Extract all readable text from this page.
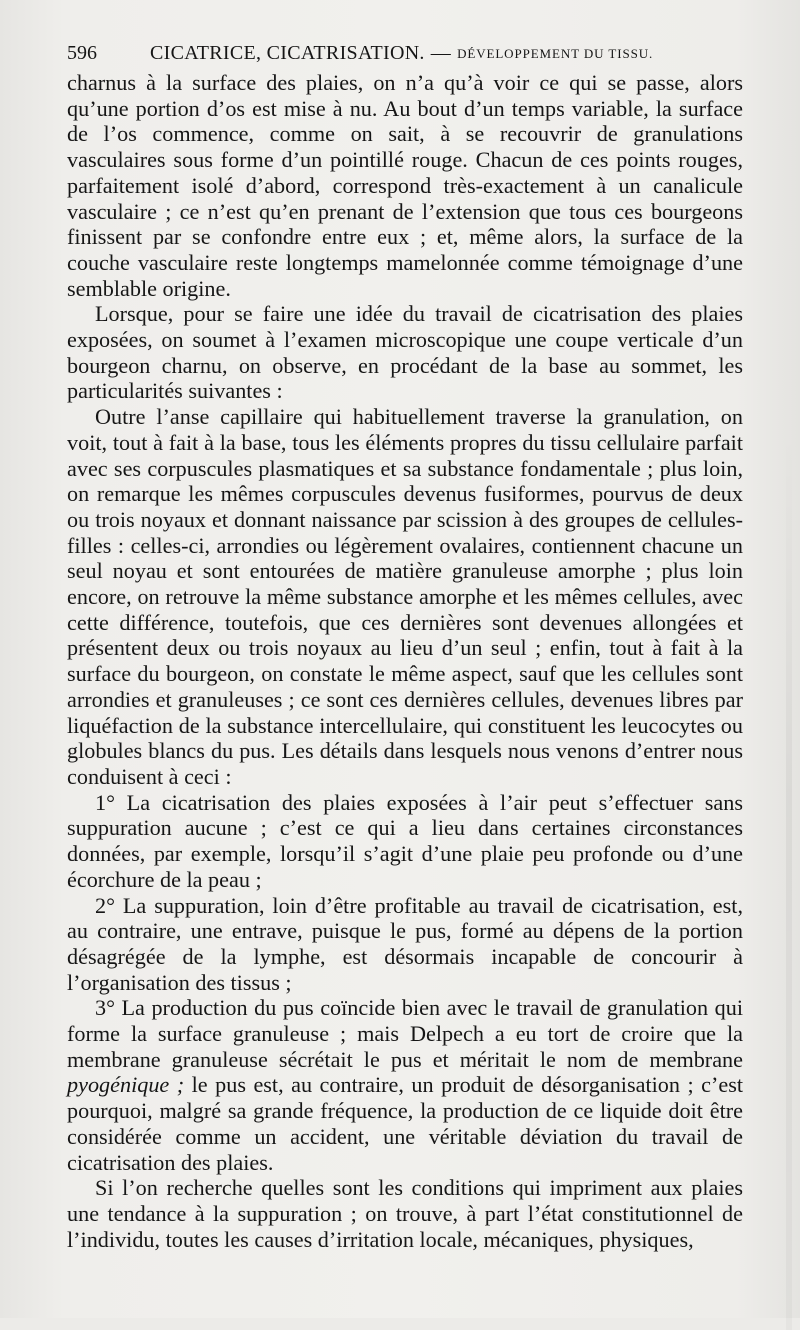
596	CICATRICE, CICATRISATION. — DÉVELOPPEMENT DU TISSU.

charnus à la surface des plaies, on n’a qu’à voir ce qui se passe, alors qu’une portion d’os est mise à nu. Au bout d’un temps variable, la surface de l’os commence, comme on sait, à se recouvrir de granulations vasculaires sous forme d’un pointillé rouge. Chacun de ces points rouges, parfaitement isolé d’abord, correspond très-exactement à un canalicule vasculaire ; ce n’est qu’en prenant de l’extension que tous ces bourgeons finissent par se confondre entre eux ; et, même alors, la surface de la couche vasculaire reste longtemps mamelonnée comme témoignage d’une semblable origine.

Lorsque, pour se faire une idée du travail de cicatrisation des plaies exposées, on soumet à l’examen microscopique une coupe verticale d’un bourgeon charnu, on observe, en procédant de la base au sommet, les particularités suivantes :

Outre l’anse capillaire qui habituellement traverse la granulation, on voit, tout à fait à la base, tous les éléments propres du tissu cellulaire parfait avec ses corpuscules plasmatiques et sa substance fondamentale ; plus loin, on remarque les mêmes corpuscules devenus fusiformes, pourvus de deux ou trois noyaux et donnant naissance par scission à des groupes de cellules-filles : celles-ci, arrondies ou légèrement ovalaires, contiennent chacune un seul noyau et sont entourées de matière granuleuse amorphe ; plus loin encore, on retrouve la même substance amorphe et les mêmes cellules, avec cette différence, toutefois, que ces dernières sont devenues allongées et présentent deux ou trois noyaux au lieu d’un seul ; enfin, tout à fait à la surface du bourgeon, on constate le même aspect, sauf que les cellules sont arrondies et granuleuses ; ce sont ces dernières cellules, devenues libres par liquéfaction de la substance intercellulaire, qui constituent les leucocytes ou globules blancs du pus. Les détails dans lesquels nous venons d’entrer nous conduisent à ceci :

1° La cicatrisation des plaies exposées à l’air peut s’effectuer sans suppuration aucune ; c’est ce qui a lieu dans certaines circonstances données, par exemple, lorsqu’il s’agit d’une plaie peu profonde ou d’une écorchure de la peau ;

2° La suppuration, loin d’être profitable au travail de cicatrisation, est, au contraire, une entrave, puisque le pus, formé au dépens de la portion désagrégée de la lymphe, est désormais incapable de concourir à l’organisation des tissus ;

3° La production du pus coïncide bien avec le travail de granulation qui forme la surface granuleuse ; mais Delpech a eu tort de croire que la membrane granuleuse sécrétait le pus et méritait le nom de membrane pyogénique ; le pus est, au contraire, un produit de désorganisation ; c’est pourquoi, malgré sa grande fréquence, la production de ce liquide doit être considérée comme un accident, une véritable déviation du travail de cicatrisation des plaies.

Si l’on recherche quelles sont les conditions qui impriment aux plaies une tendance à la suppuration ; on trouve, à part l’état constitutionnel de l’individu, toutes les causes d’irritation locale, mécaniques, physiques,
